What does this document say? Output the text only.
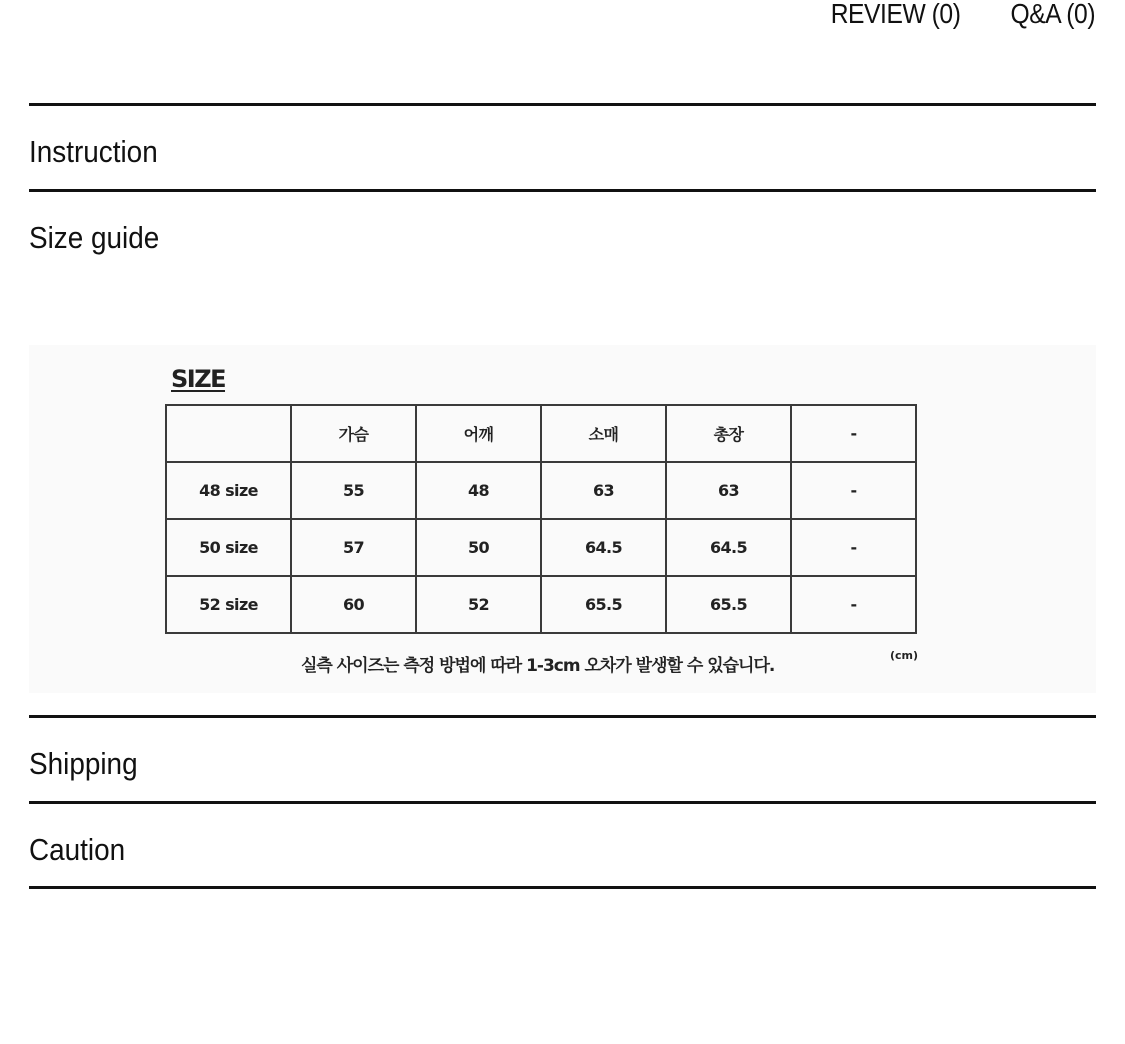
REVIEW (0) Q&A (0)
Instruction
Size guide
SIZE
	가슴	어깨	소매	총장	-
48 size	55	48	63	63	-
50 size	57	50	64.5	64.5	-
52 size	60	52	65.5	65.5	-
실측 사이즈는 측정 방법에 따라 1-3cm 오차가 발생할 수 있습니다.
(cm)
Shipping
Caution
